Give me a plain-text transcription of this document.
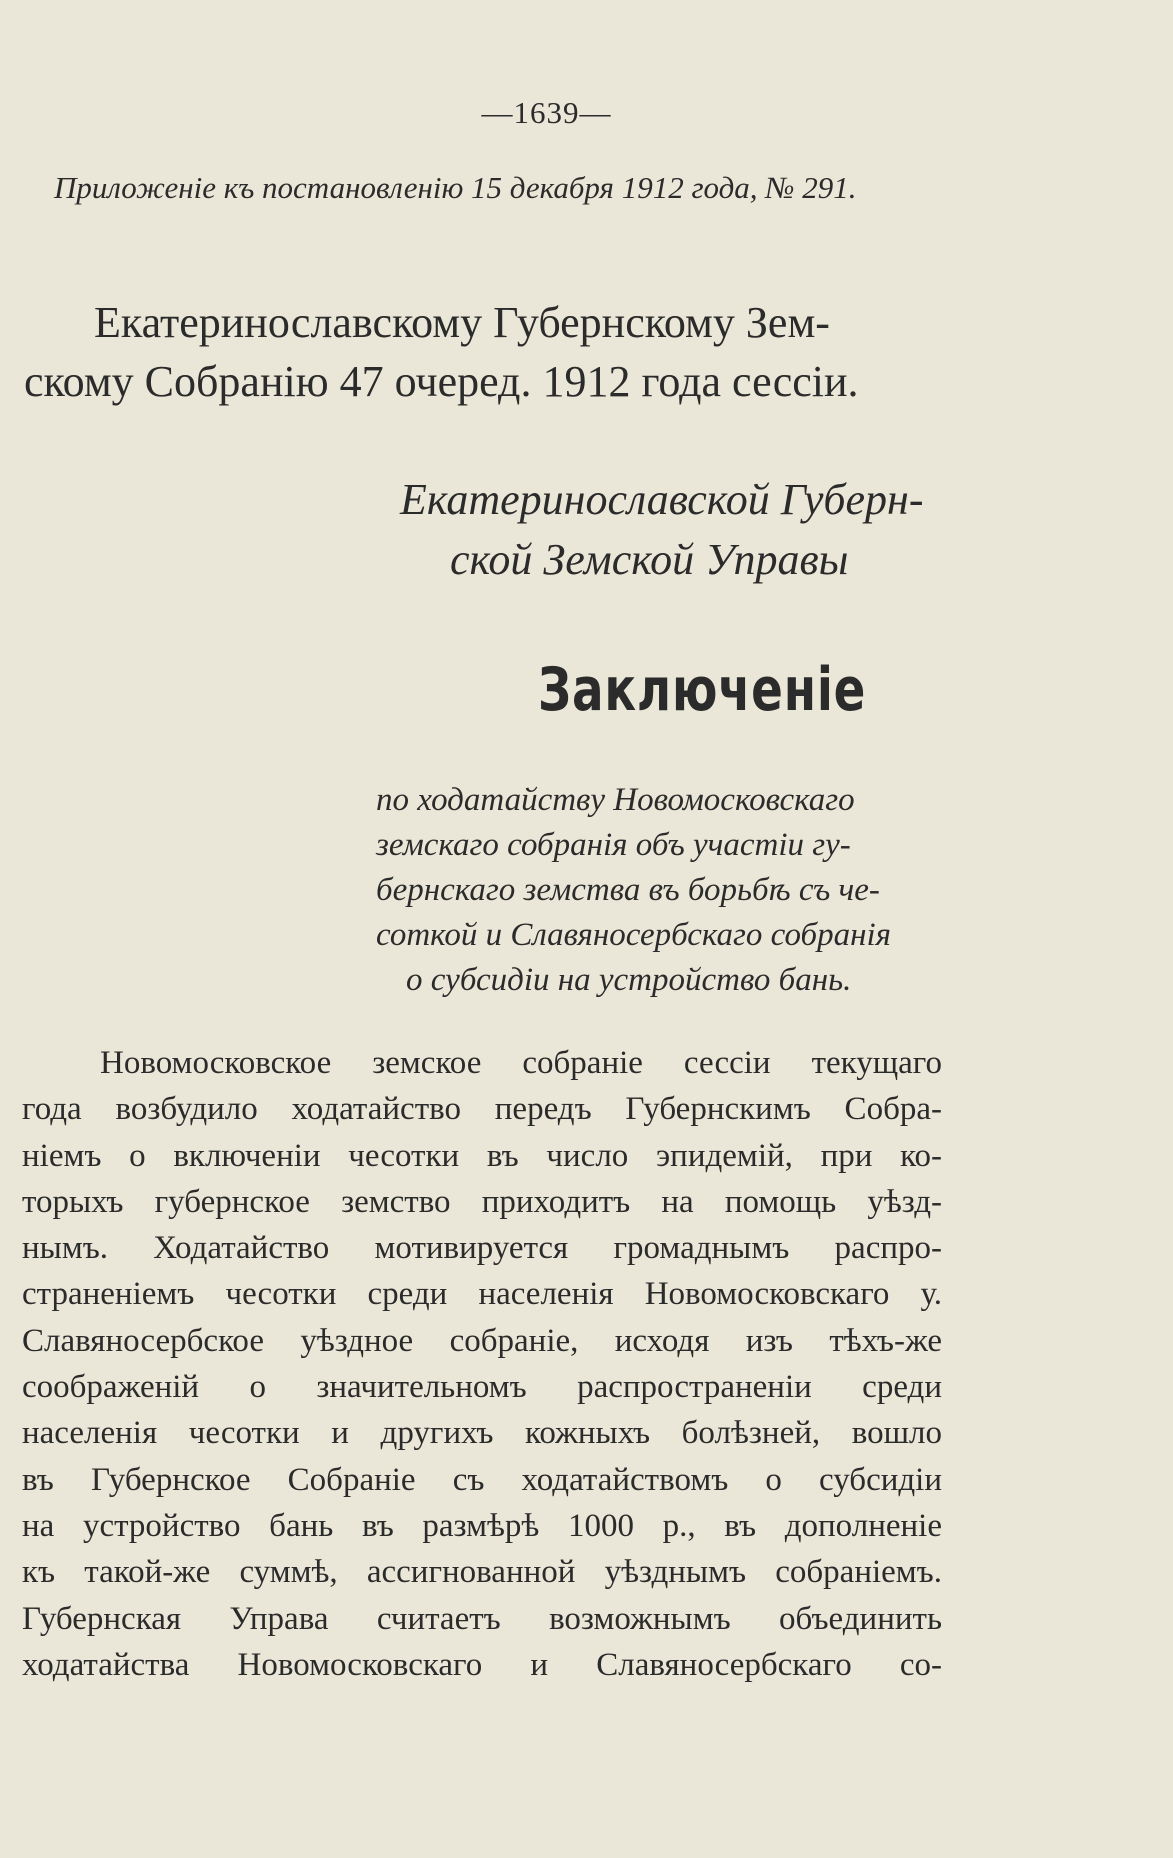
—1639—
Приложеніе къ постановленію 15 декабря 1912 года, № 291.
Екатеринославскому Губернскому Зем-
скому Собранію 47 очеред. 1912 года сессіи.
Екатеринославской Губерн-
ской Земской Управы
Заключеніе
по ходатайству Новомосковскаго
земскаго собранія объ участіи гу-
бернскаго земства въ борьбѣ съ че-
соткой и Славяносербскаго собранія
о субсидіи на устройство бань.
Новомосковское земское собраніе сессіи текущаго
года возбудило ходатайство передъ Губернскимъ Собра-
ніемъ о включеніи чесотки въ число эпидемій, при ко-
торыхъ губернское земство приходитъ на помощь уѣзд-
нымъ. Ходатайство мотивируется громаднымъ распро-
страненіемъ чесотки среди населенія Новомосковскаго у.
Славяносербское уѣздное собраніе, исходя изъ тѣхъ-же
соображеній о значительномъ распространеніи среди
населенія чесотки и другихъ кожныхъ болѣзней, вошло
въ Губернское Собраніе съ ходатайствомъ о субсидіи
на устройство бань въ размѣрѣ 1000 р., въ дополненіе
къ такой-же суммѣ, ассигнованной уѣзднымъ собраніемъ.
Губернская Управа считаетъ возможнымъ объединить
ходатайства Новомосковскаго и Славяносербскаго со-
